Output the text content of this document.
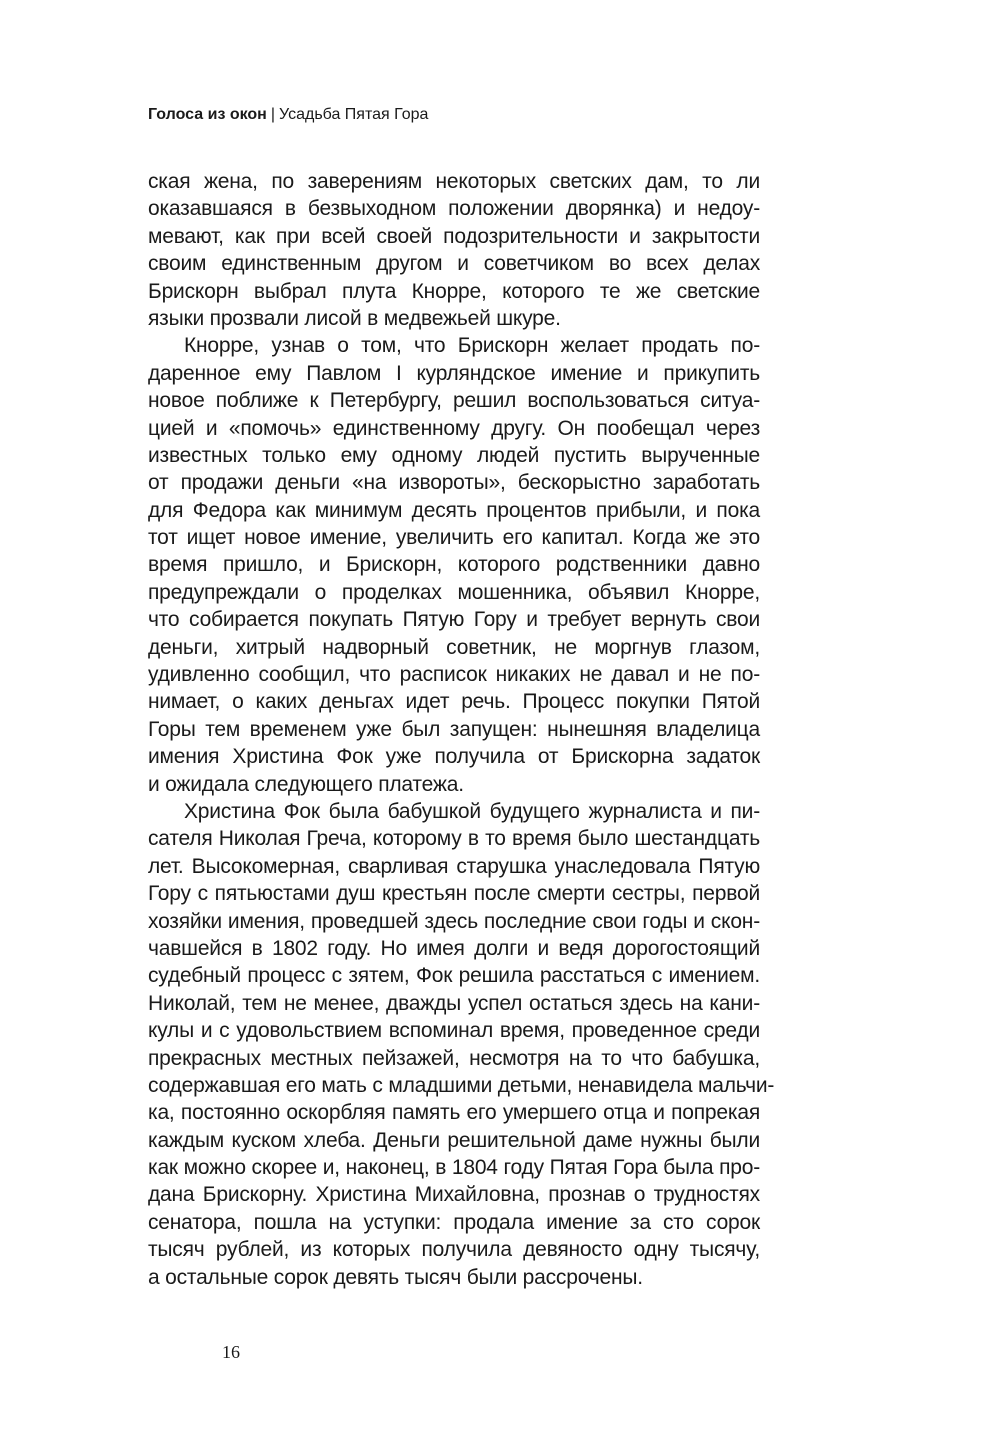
Голоса из окон | Усадьба Пятая Гора
ская жена, по заверениям некоторых светских дам, то ли
оказавшаяся в безвыходном положении дворянка) и недоу-
мевают, как при всей своей подозрительности и закрытости
своим единственным другом и советчиком во всех делах
Брискорн выбрал плута Кнорре, которого те же светские
языки прозвали лисой в медвежьей шкуре.
Кнорре, узнав о том, что Брискорн желает продать по-
даренное ему Павлом I курляндское имение и прикупить
новое поближе к Петербургу, решил воспользоваться ситуа-
цией и «помочь» единственному другу. Он пообещал через
известных только ему одному людей пустить вырученные
от продажи деньги «на извороты», бескорыстно заработать
для Федора как минимум десять процентов прибыли, и пока
тот ищет новое имение, увеличить его капитал. Когда же это
время пришло, и Брискорн, которого родственники давно
предупреждали о проделках мошенника, объявил Кнорре,
что собирается покупать Пятую Гору и требует вернуть свои
деньги, хитрый надворный советник, не моргнув глазом,
удивленно сообщил, что расписок никаких не давал и не по-
нимает, о каких деньгах идет речь. Процесс покупки Пятой
Горы тем временем уже был запущен: нынешняя владелица
имения Христина Фок уже получила от Брискорна задаток
и ожидала следующего платежа.
Христина Фок была бабушкой будущего журналиста и пи-
сателя Николая Греча, которому в то время было шестандцать
лет. Высокомерная, сварливая старушка унаследовала Пятую
Гору с пятьюстами душ крестьян после смерти сестры, первой
хозяйки имения, проведшей здесь последние свои годы и скон-
чавшейся в 1802 году. Но имея долги и ведя дорогостоящий
судебный процесс с зятем, Фок решила расстаться с имением.
Николай, тем не менее, дважды успел остаться здесь на кани-
кулы и с удовольствием вспоминал время, проведенное среди
прекрасных местных пейзажей, несмотря на то что бабушка,
содержавшая его мать с младшими детьми, ненавидела мальчи-
ка, постоянно оскорбляя память его умершего отца и попрекая
каждым куском хлеба. Деньги решительной даме нужны были
как можно скорее и, наконец, в 1804 году Пятая Гора была про-
дана Брискорну. Христина Михайловна, прознав о трудностях
сенатора, пошла на уступки: продала имение за сто сорок
тысяч рублей, из которых получила девяносто одну тысячу,
а остальные сорок девять тысяч были рассрочены.
16
